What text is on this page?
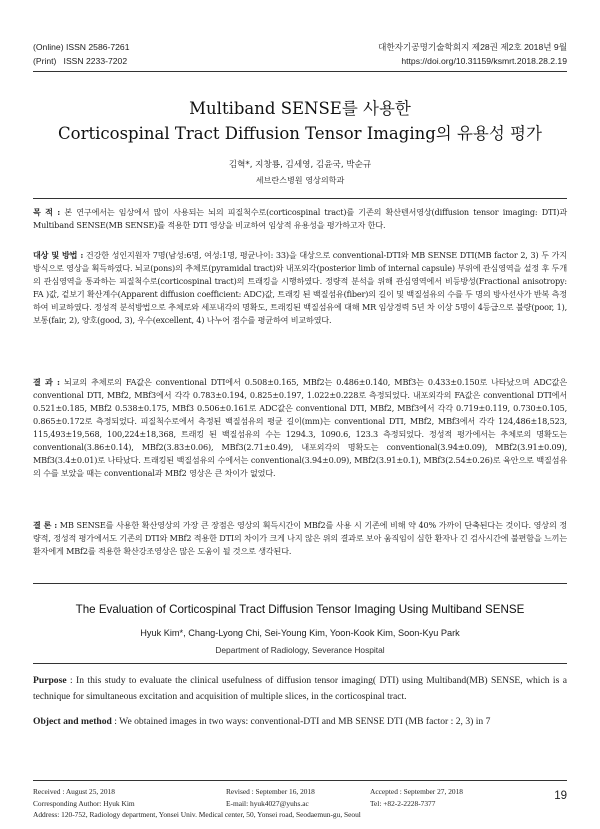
(Online) ISSN 2586-7261	대한자기공명기술학회지 제28권 제2호 2018년 9월
(Print)   ISSN 2233-7202	https://doi.org/10.31159/ksmrt.2018.28.2.19
Multiband SENSE를 사용한
Corticospinal Tract Diffusion Tensor Imaging의 유용성 평가
김혁*, 지창룡, 김세영, 김윤국, 박순규
세브란스병원 영상의학과
목 적 : 본 연구에서는 임상에서 많이 사용되는 뇌의 피질척수로(corticospinal tract)를 기존의 확산텐서영상(diffusion tensor imaging: DTI)과 Multiband SENSE(MB SENSE)를 적용한 DTI 영상을 비교하여 임상적 유용성을 평가하고자 한다.
대상 및 방법 : 건강한 성인지원자 7명(남성:6명, 여성:1명, 평균나이: 33)을 대상으로 conventional-DTI와 MB SENSE DTI(MB factor 2, 3) 두 가지 방식으로 영상을 획득하였다. 뇌교(pons)의 추체로(pyramidal tract)와 내포외각(posterior limb of internal capsule) 부위에 관심영역을 설정 후 두개의 관심영역을 통과하는 피질척수로(corticospinal tract)의 트래킹을 시행하였다. 정량적 분석을 위해 관심영역에서 비등방성(Fractional anisotropy: FA )값, 겉보기 확산계수(Apparent diffusion coefficient: ADC)값, 트래킹 된 백질섬유(fiber)의 길이 및 백질섬유의 수를 두 명의 방사선사가 반복 측정하여 비교하였다. 정성적 분석방법으로 추체로와 세포내각의 명확도, 트래킹된 백질섬유에 대해 MR 임상경력 5년 차 이상 5명이 4등급으로 불량(poor, 1), 보통(fair, 2), 양호(good, 3), 우수(excellent, 4) 나누어 점수를 평균하여 비교하였다.
결 과 : 뇌교의 추체로의 FA값은 conventional DTI에서 0.508±0.165, MBf2는 0.486±0.140, MBf3는 0.433±0.150로 나타났으며 ADC값은 conventional DTI, MBf2, MBf3에서 각각 0.783±0.194, 0.825±0.197, 1.022±0.228로 측정되었다. 내포외각의 FA값은 conventional DTI에서 0.521±0.185, MBf2 0.538±0.175, MBf3 0.506±0.161로 ADC값은 conventional DTI, MBf2, MBf3에서 각각 0.719±0.119, 0.730±0.105, 0.865±0.172로 측정되었다. 피질척수로에서 측정된 백질섬유의 평균 길이(mm)는 conventional DTI, MBf2, MBf3에서 각각 124,486±18,523, 115,493±19,568, 100,224±18,368, 트래킹 된 백질섬유의 수는 1294.3, 1090.6, 123.3 측정되었다. 정성적 평가에서는 추체로의 명확도는 conventional(3.86±0.14), MBf2(3.83±0.06), MBf3(2.71±0.49), 내포외각의 명확도는 conventional(3.94±0.09), MBf2(3.91±0.09), MBf3(3.4±0.01)로 나타났다. 트래킹된 백질섬유의 수에서는 conventional(3.94±0.09), MBf2(3.91±0.1), MBf3(2.54±0.26)로 육안으로 백질섬유의 수를 보았을 때는 conventional과 MBf2 영상은 큰 차이가 없었다.
결 론 : MB SENSE를 사용한 확산영상의 가장 큰 장점은 영상의 획득시간이 MBf2를 사용 시 기존에 비해 약 40% 가까이 단축된다는 것이다. 영상의 정량적, 정성적 평가에서도 기존의 DTI와 MBf2 적용한 DTI의 차이가 크게 나지 않은 위의 결과로 보아 움직임이 심한 환자나 긴 검사시간에 불편함을 느끼는 환자에게 MBf2를 적용한 확산강조영상은 많은 도움이 될 것으로 생각된다.
The Evaluation of Corticospinal Tract Diffusion Tensor Imaging Using Multiband SENSE
Hyuk Kim*, Chang-Lyong Chi, Sei-Young Kim, Yoon-Kook Kim, Soon-Kyu Park
Department of Radiology, Severance Hospital
Purpose : In this study to evaluate the clinical usefulness of diffusion tensor imaging( DTI) using Multiband(MB) SENSE, which is a technique for simultaneous excitation and acquisition of multiple slices, in the corticospinal tract.
Object and method : We obtained images in two ways: conventional-DTI and MB SENSE DTI (MB factor : 2, 3) in 7
Received : August 25, 2018	Revised : September 16, 2018	Accepted : September 27, 2018
Corresponding Author: Hyuk Kim	E-mail: hyuk4027@yuhs.ac	Tel: +82-2-2228-7377
Address: 120-752, Radiology department, Yonsei Univ. Medical center, 50, Yonsei road, Seodaemun-gu, Seoul
19
